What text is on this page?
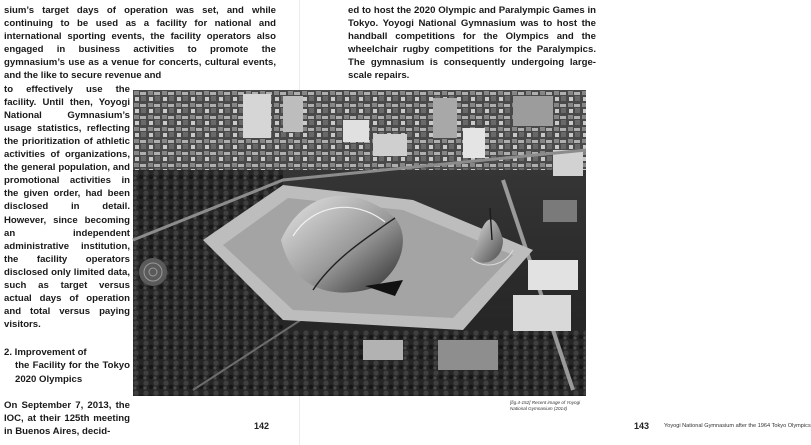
sium’s target days of operation was set, and while continuing to be used as a facility for national and international sporting events, the facility operators also engaged in business activities to promote the gymnasium’s use as a venue for concerts, cultural events, and the like to secure revenue and

to effectively use the facility. Until then, Yoyogi National Gymnasium’s usage statistics, reflecting the prioritization of athletic activities of organizations, the general population, and promotional activities in the given order, had been disclosed in detail. However, since becoming an independent administrative institution, the facility operators disclosed only limited data, such as target versus actual days of operation and total versus paying visitors.

2. Improvement of
the Facility for the Tokyo 2020 Olympics

On September 7, 2013, the IOC, at their 125th meeting in Buenos Aires, decid-	142

ed to host the 2020 Olympic and Paralympic Games in Tokyo. Yoyogi National Gymnasium was to host the handball competitions for the Olympics and the wheelchair rugby competitions for the Paralympics. The gymnasium is consequently undergoing large-scale repairs.

143	Yoyogi National Gymnasium after the 1964 Tokyo Olympics
[fig.4-152] Recent image of Yoyogi National Gymnasium (2014)
